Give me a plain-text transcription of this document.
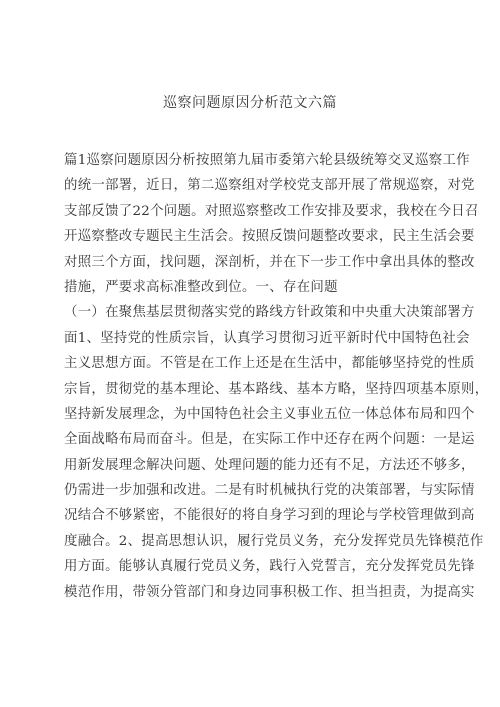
巡察问题原因分析范文六篇
篇1巡察问题原因分析按照第九届市委第六轮县级统筹交叉巡察工作
的统一部署，近日，第二巡察组对学校党支部开展了常规巡察，对党
支部反馈了22个问题。对照巡察整改工作安排及要求，我校在今日召
开巡察整改专题民主生活会。按照反馈问题整改要求，民主生活会要
对照三个方面，找问题，深剖析，并在下一步工作中拿出具体的整改
措施，严要求高标准整改到位。一、存在问题
（一）在聚焦基层贯彻落实党的路线方针政策和中央重大决策部署方
面1、坚持党的性质宗旨，认真学习贯彻习近平新时代中国特色社会
主义思想方面。不管是在工作上还是在生活中，都能够坚持党的性质
宗旨，贯彻党的基本理论、基本路线、基本方略，坚持四项基本原则，
坚持新发展理念，为中国特色社会主义事业五位一体总体布局和四个
全面战略布局而奋斗。但是，在实际工作中还存在两个问题：一是运
用新发展理念解决问题、处理问题的能力还有不足，方法还不够多，
仍需进一步加强和改进。二是有时机械执行党的决策部署，与实际情
况结合不够紧密，不能很好的将自身学习到的理论与学校管理做到高
度融合。2、提高思想认识，履行党员义务，充分发挥党员先锋模范作
用方面。能够认真履行党员义务，践行入党誓言，充分发挥党员先锋
模范作用，带领分管部门和身边同事积极工作、担当担责，为提高实
